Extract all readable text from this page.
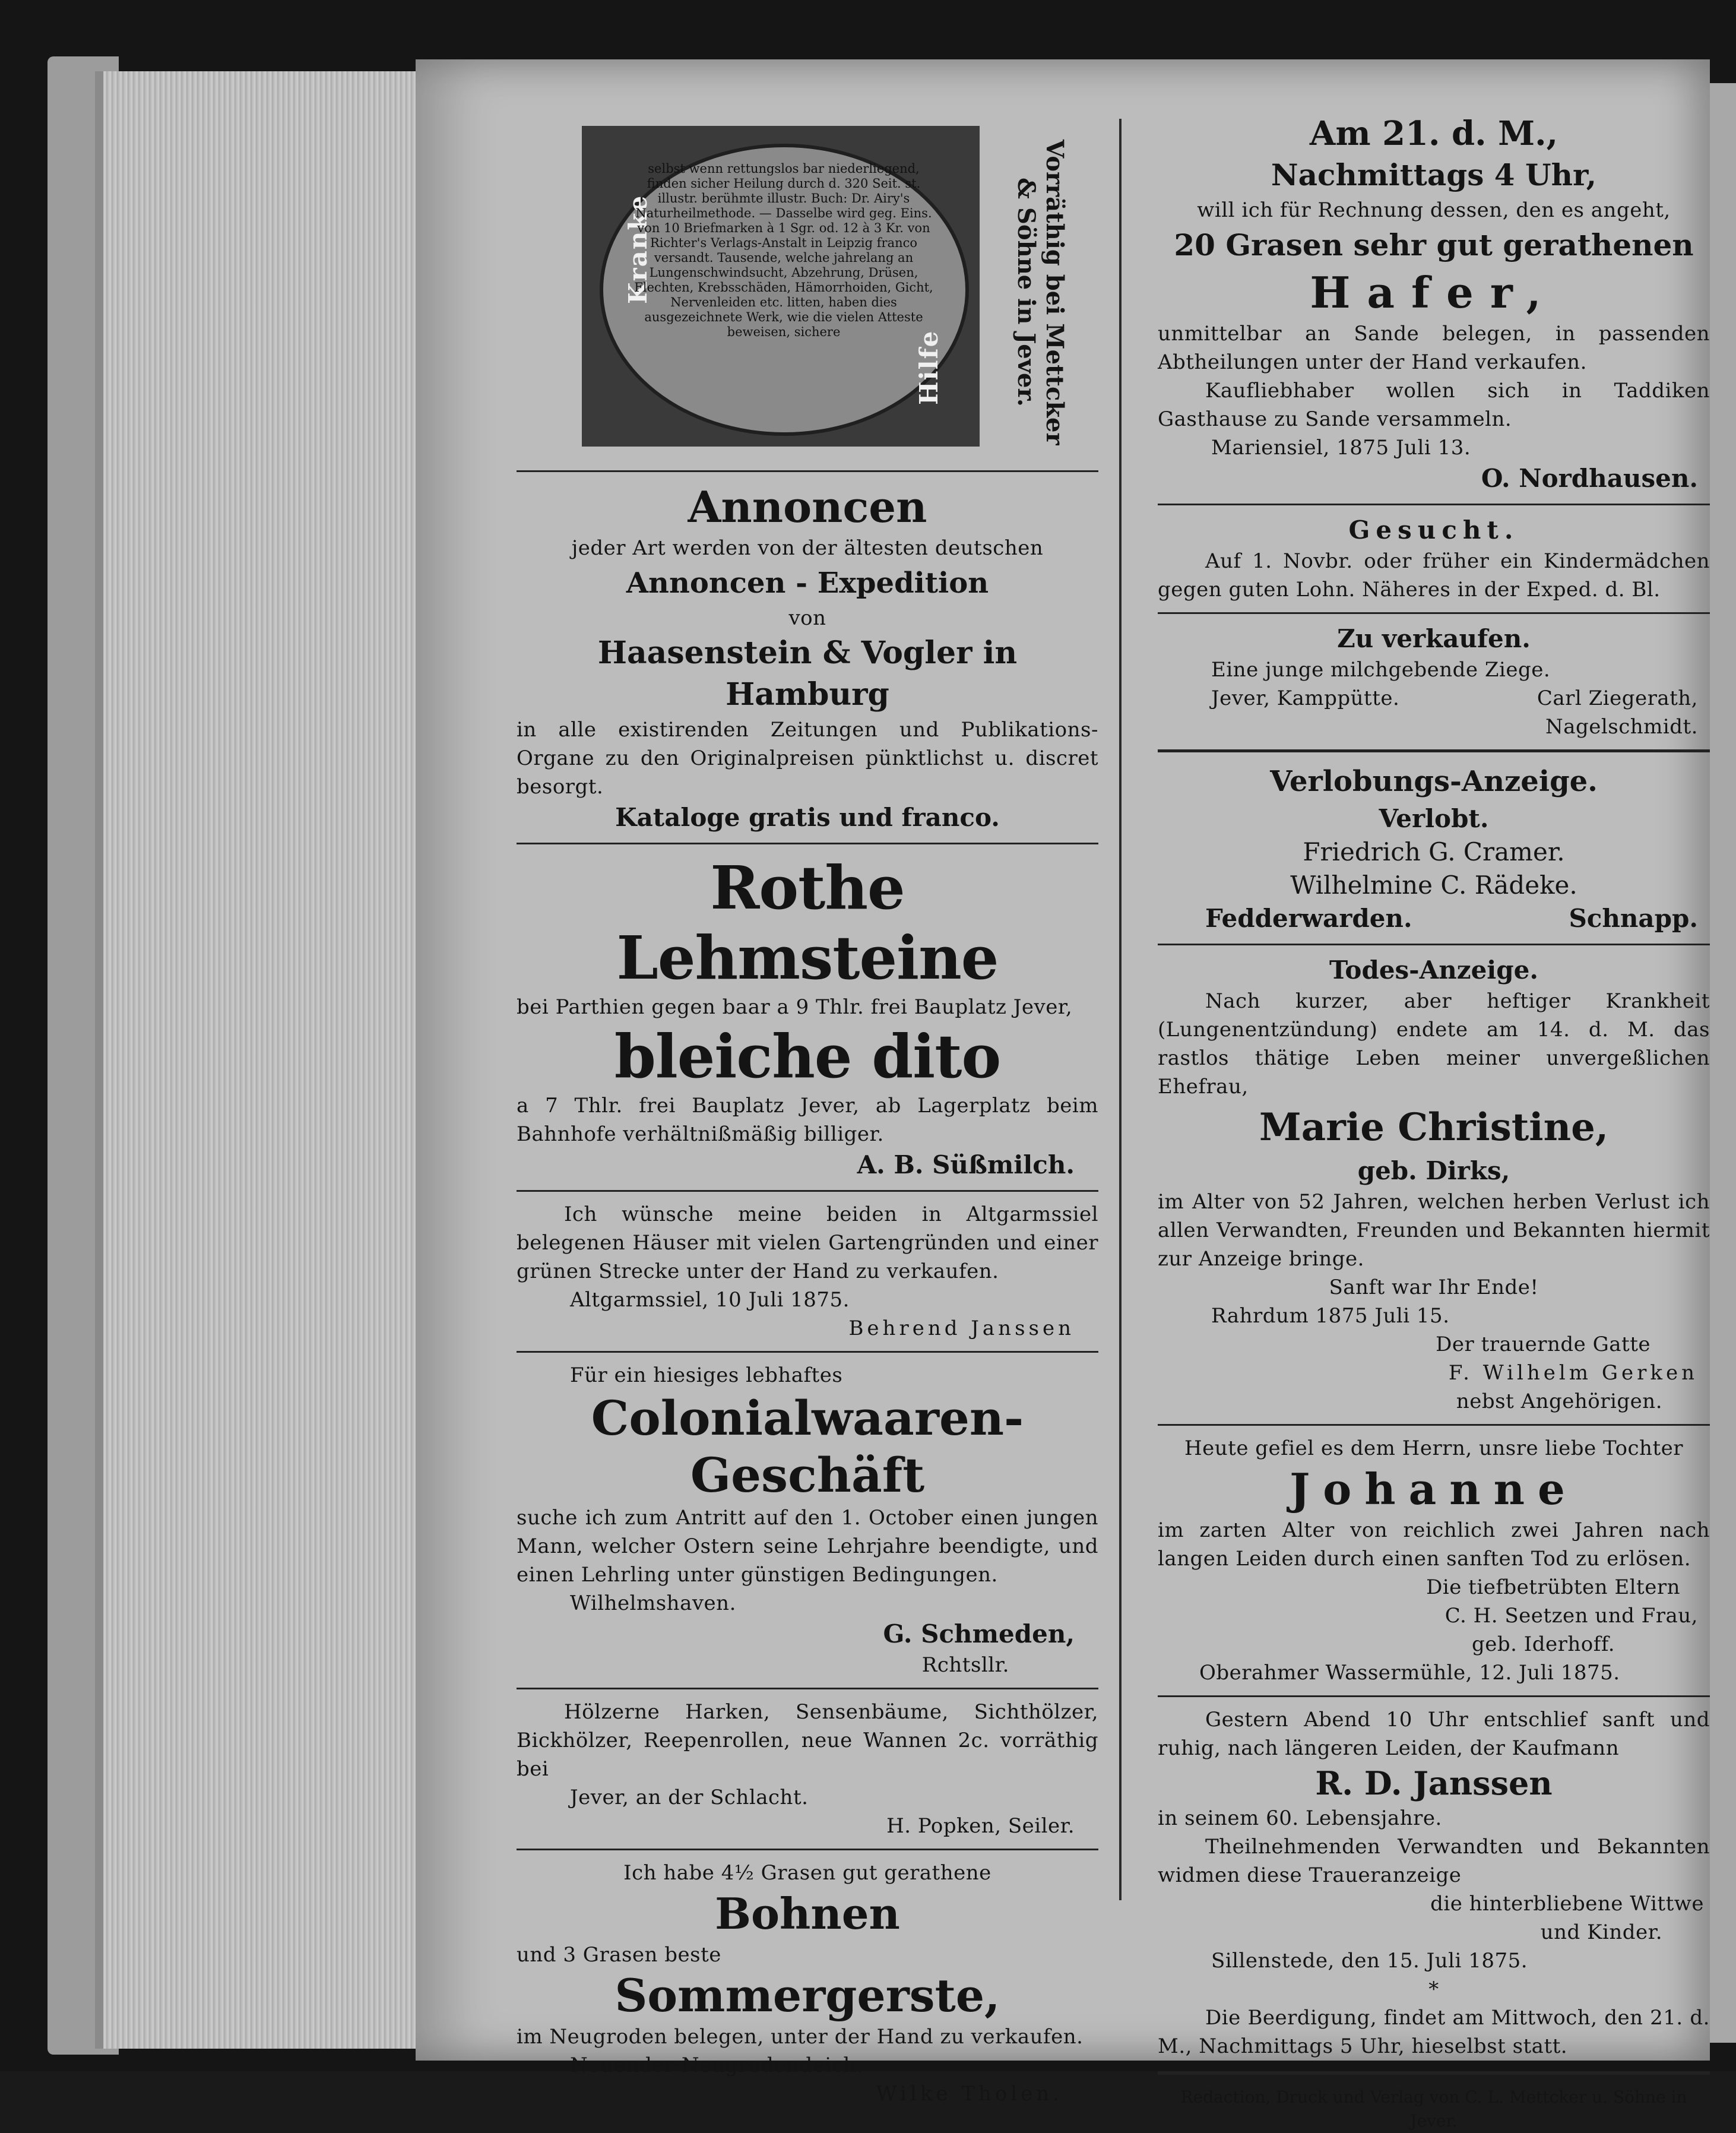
Kranke
Hilfe
selbst wenn rettungslos bar niederliegend, finden sicher Heilung durch d. 320 Seit. st. illustr. berühmte illustr. Buch: Dr. Airy's Naturheilmethode. — Dasselbe wird geg. Eins. von 10 Briefmarken à 1 Sgr. od. 12 à 3 Kr. von Richter's Verlags-Anstalt in Leipzig franco versandt. Tausende, welche jahrelang an Lungenschwindsucht, Abzehrung, Drüsen, Flechten, Krebsschäden, Hämorrhoiden, Gicht, Nervenleiden etc. litten, haben dies ausgezeichnete Werk, wie die vielen Atteste beweisen, sichere	Vorräthig bei Mettcker & Söhne in Jever.
Annoncen
jeder Art werden von der ältesten deutschen
Annoncen - Expedition
von
Haasenstein & Vogler in Hamburg
in alle existirenden Zeitungen und Publikations-Organe zu den Originalpreisen pünktlichst u. discret besorgt.
Kataloge gratis und franco.
Rothe Lehmsteine
bei Parthien gegen baar a 9 Thlr. frei Bauplatz Jever,
bleiche dito
a 7 Thlr. frei Bauplatz Jever, ab Lagerplatz beim Bahnhofe verhältnißmäßig billiger.
A. B. Süßmilch.
Ich wünsche meine beiden in Altgarmssiel belegenen Häuser mit vielen Gartengründen und einer grünen Strecke unter der Hand zu verkaufen.
Altgarmssiel, 10 Juli 1875.
Behrend Janssen
Für ein hiesiges lebhaftes
Colonialwaaren-Geschäft
suche ich zum Antritt auf den 1. October einen jungen Mann, welcher Ostern seine Lehrjahre beendigte, und einen Lehrling unter günstigen Bedingungen.
Wilhelmshaven.
G. Schmeden,
Rchtsllr.
Hölzerne Harken, Sensenbäume, Sichthölzer, Bickhölzer, Reepenrollen, neue Wannen 2c. vorräthig bei
Jever, an der Schlacht.
H. Popken, Seiler.
Ich habe 4½ Grasen gut gerathene
Bohnen
und 3 Grasen beste
Sommergerste,
im Neugroden belegen, unter der Hand zu verkaufen.
Neuender-Neugrodendeich.
Wilke Tholen.
Am 21. d. M.,
Nachmittags 4 Uhr,
will ich für Rechnung dessen, den es angeht,
20 Grasen sehr gut gerathenen
Hafer,
unmittelbar an Sande belegen, in passenden Abtheilungen unter der Hand verkaufen.
Kaufliebhaber wollen sich in Taddiken Gasthause zu Sande versammeln.
Mariensiel, 1875 Juli 13.
O. Nordhausen.
Gesucht.
Auf 1. Novbr. oder früher ein Kindermädchen gegen guten Lohn. Näheres in der Exped. d. Bl.
Zu verkaufen.
Eine junge milchgebende Ziege.
Jever, Kamppütte.	Carl Ziegerath,
Nagelschmidt.
Verlobungs-Anzeige.
Verlobt.
Friedrich G. Cramer.
Wilhelmine C. Rädeke.
Fedderwarden.	Schnapp.
Todes-Anzeige.
Nach kurzer, aber heftiger Krankheit (Lungenentzündung) endete am 14. d. M. das rastlos thätige Leben meiner unvergeßlichen Ehefrau,
Marie Christine,
geb. Dirks,
im Alter von 52 Jahren, welchen herben Verlust ich allen Verwandten, Freunden und Bekannten hiermit zur Anzeige bringe.
Sanft war Ihr Ende!
Rahrdum 1875 Juli 15.
Der trauernde Gatte
F. Wilhelm Gerken
nebst Angehörigen.
Heute gefiel es dem Herrn, unsre liebe Tochter
Johanne
im zarten Alter von reichlich zwei Jahren nach langen Leiden durch einen sanften Tod zu erlösen.
Die tiefbetrübten Eltern
C. H. Seetzen und Frau,
geb. Iderhoff.
Oberahmer Wassermühle, 12. Juli 1875.
Gestern Abend 10 Uhr entschlief sanft und ruhig, nach längeren Leiden, der Kaufmann
R. D. Janssen
in seinem 60. Lebensjahre.
Theilnehmenden Verwandten und Bekannten widmen diese Traueranzeige
die hinterbliebene Wittwe
und Kinder.
Sillenstede, den 15. Juli 1875.
*
Die Beerdigung, findet am Mittwoch, den 21. d. M., Nachmittags 5 Uhr, hieselbst statt.
Redaction, Druck und Verlag von C. L. Mettcker u. Söhne in Jever.
